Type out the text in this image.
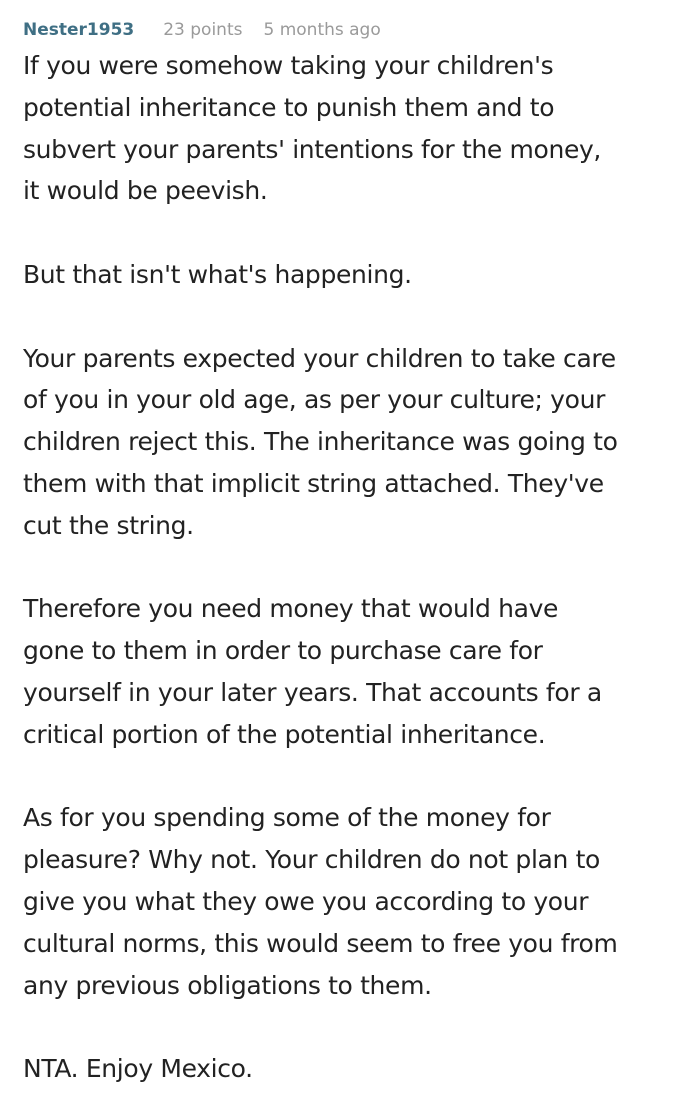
Nester1953 23 points 5 months ago

If you were somehow taking your children's
potential inheritance to punish them and to
subvert your parents' intentions for the money,
it would be peevish.

But that isn't what's happening.

Your parents expected your children to take care
of you in your old age, as per your culture; your
children reject this. The inheritance was going to
them with that implicit string attached. They've
cut the string.

Therefore you need money that would have
gone to them in order to purchase care for
yourself in your later years. That accounts for a
critical portion of the potential inheritance.

As for you spending some of the money for
pleasure? Why not. Your children do not plan to
give you what they owe you according to your
cultural norms, this would seem to free you from
any previous obligations to them.

NTA. Enjoy Mexico.
